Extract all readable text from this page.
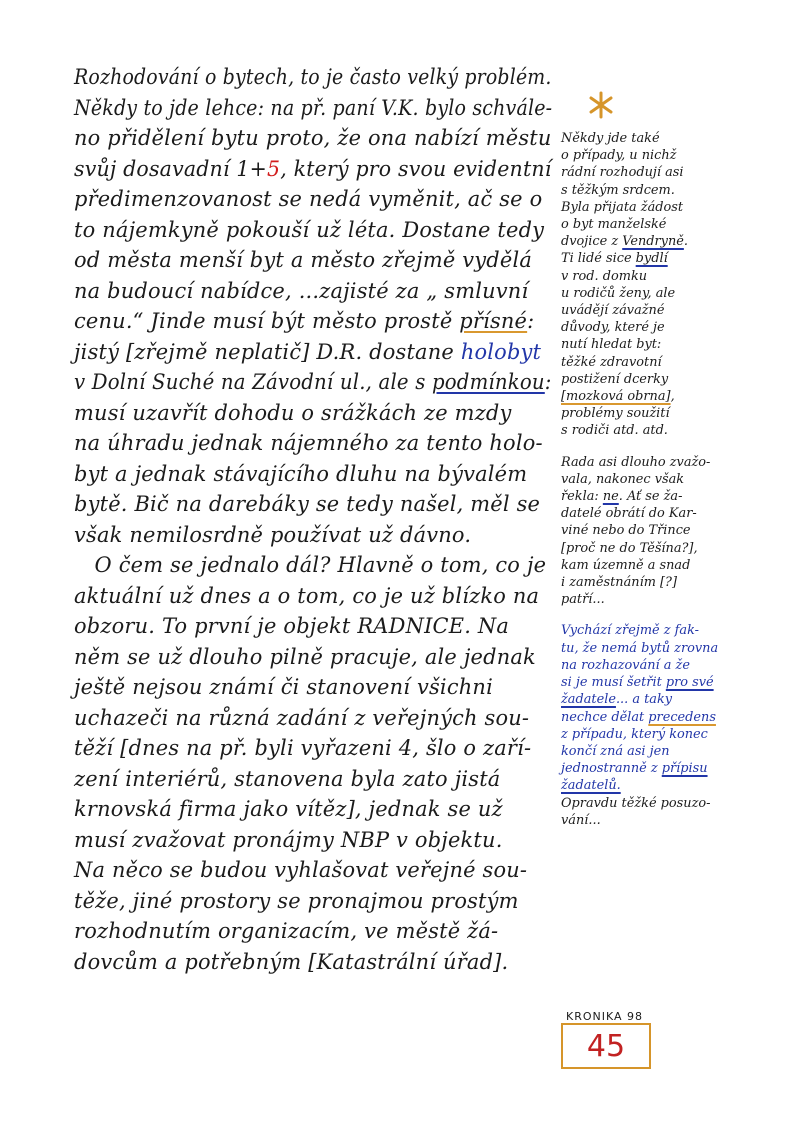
Rozhodování o bytech, to je často velký problém.
Někdy to jde lehce: na př. paní V.K. bylo schvále-
no přidělení bytu proto, že ona nabízí městu
svůj dosavadní 1+5, který pro svou evidentní
předimenzovanost se nedá vyměnit, ač se o
to nájemkyně pokouší už léta. Dostane tedy
od města menší byt a město zřejmě vydělá
na budoucí nabídce, ...zajisté za „ smluvní
cenu.“ Jinde musí být město prostě přísné:
jistý [zřejmě neplatič] D.R. dostane holobyt
v Dolní Suché na Závodní ul., ale s podmínkou:
musí uzavřít dohodu o srážkách ze mzdy
na úhradu jednak nájemného za tento holo-
byt a jednak stávajícího dluhu na bývalém
bytě. Bič na darebáky se tedy našel, měl se
však nemilosrdně používat už dávno.
O čem se jednalo dál? Hlavně o tom, co je
aktuální už dnes a o tom, co je už blízko na
obzoru. To první je objekt RADNICE. Na
něm se už dlouho pilně pracuje, ale jednak
ještě nejsou známí či stanovení všichni
uchazeči na různá zadání z veřejných sou-
těží [dnes na př. byli vyřazeni 4, šlo o zaří-
zení interiérů, stanovena byla zato jistá
krnovská firma jako vítěz], jednak se už
musí zvažovat pronájmy NBP v objektu.
Na něco se budou vyhlašovat veřejné sou-
těže, jiné prostory se pronajmou prostým
rozhodnutím organizacím, ve městě žá-
dovcům a potřebným [Katastrální úřad].
Někdy jde také
o případy, u nichž
rádní rozhodují asi
s těžkým srdcem.
Byla přijata žádost
o byt manželské
dvojice z Vendryně.
Ti lidé sice bydlí
v rod. domku
u rodičů ženy, ale
uvádějí závažné
důvody, které je
nutí hledat byt:
těžké zdravotní
postižení dcerky
[mozková obrna],
problémy soužití
s rodiči atd. atd.
Rada asi dlouho zvažo-
vala, nakonec však
řekla: ne. Ať se ža-
datelé obrátí do Kar-
viné nebo do Třince
[proč ne do Těšína?],
kam územně a snad
i zaměstnáním [?]
patří...
Vychází zřejmě z fak-
tu, že nemá bytů zrovna
na rozhazování a že
si je musí šetřit pro své
žadatele... a taky
nechce dělat precedens
z případu, který konec
končí zná asi jen
jednostranně z přípisu
žadatelů.
Opravdu těžké posuzo-
vání...
KRONIKA 98
45
